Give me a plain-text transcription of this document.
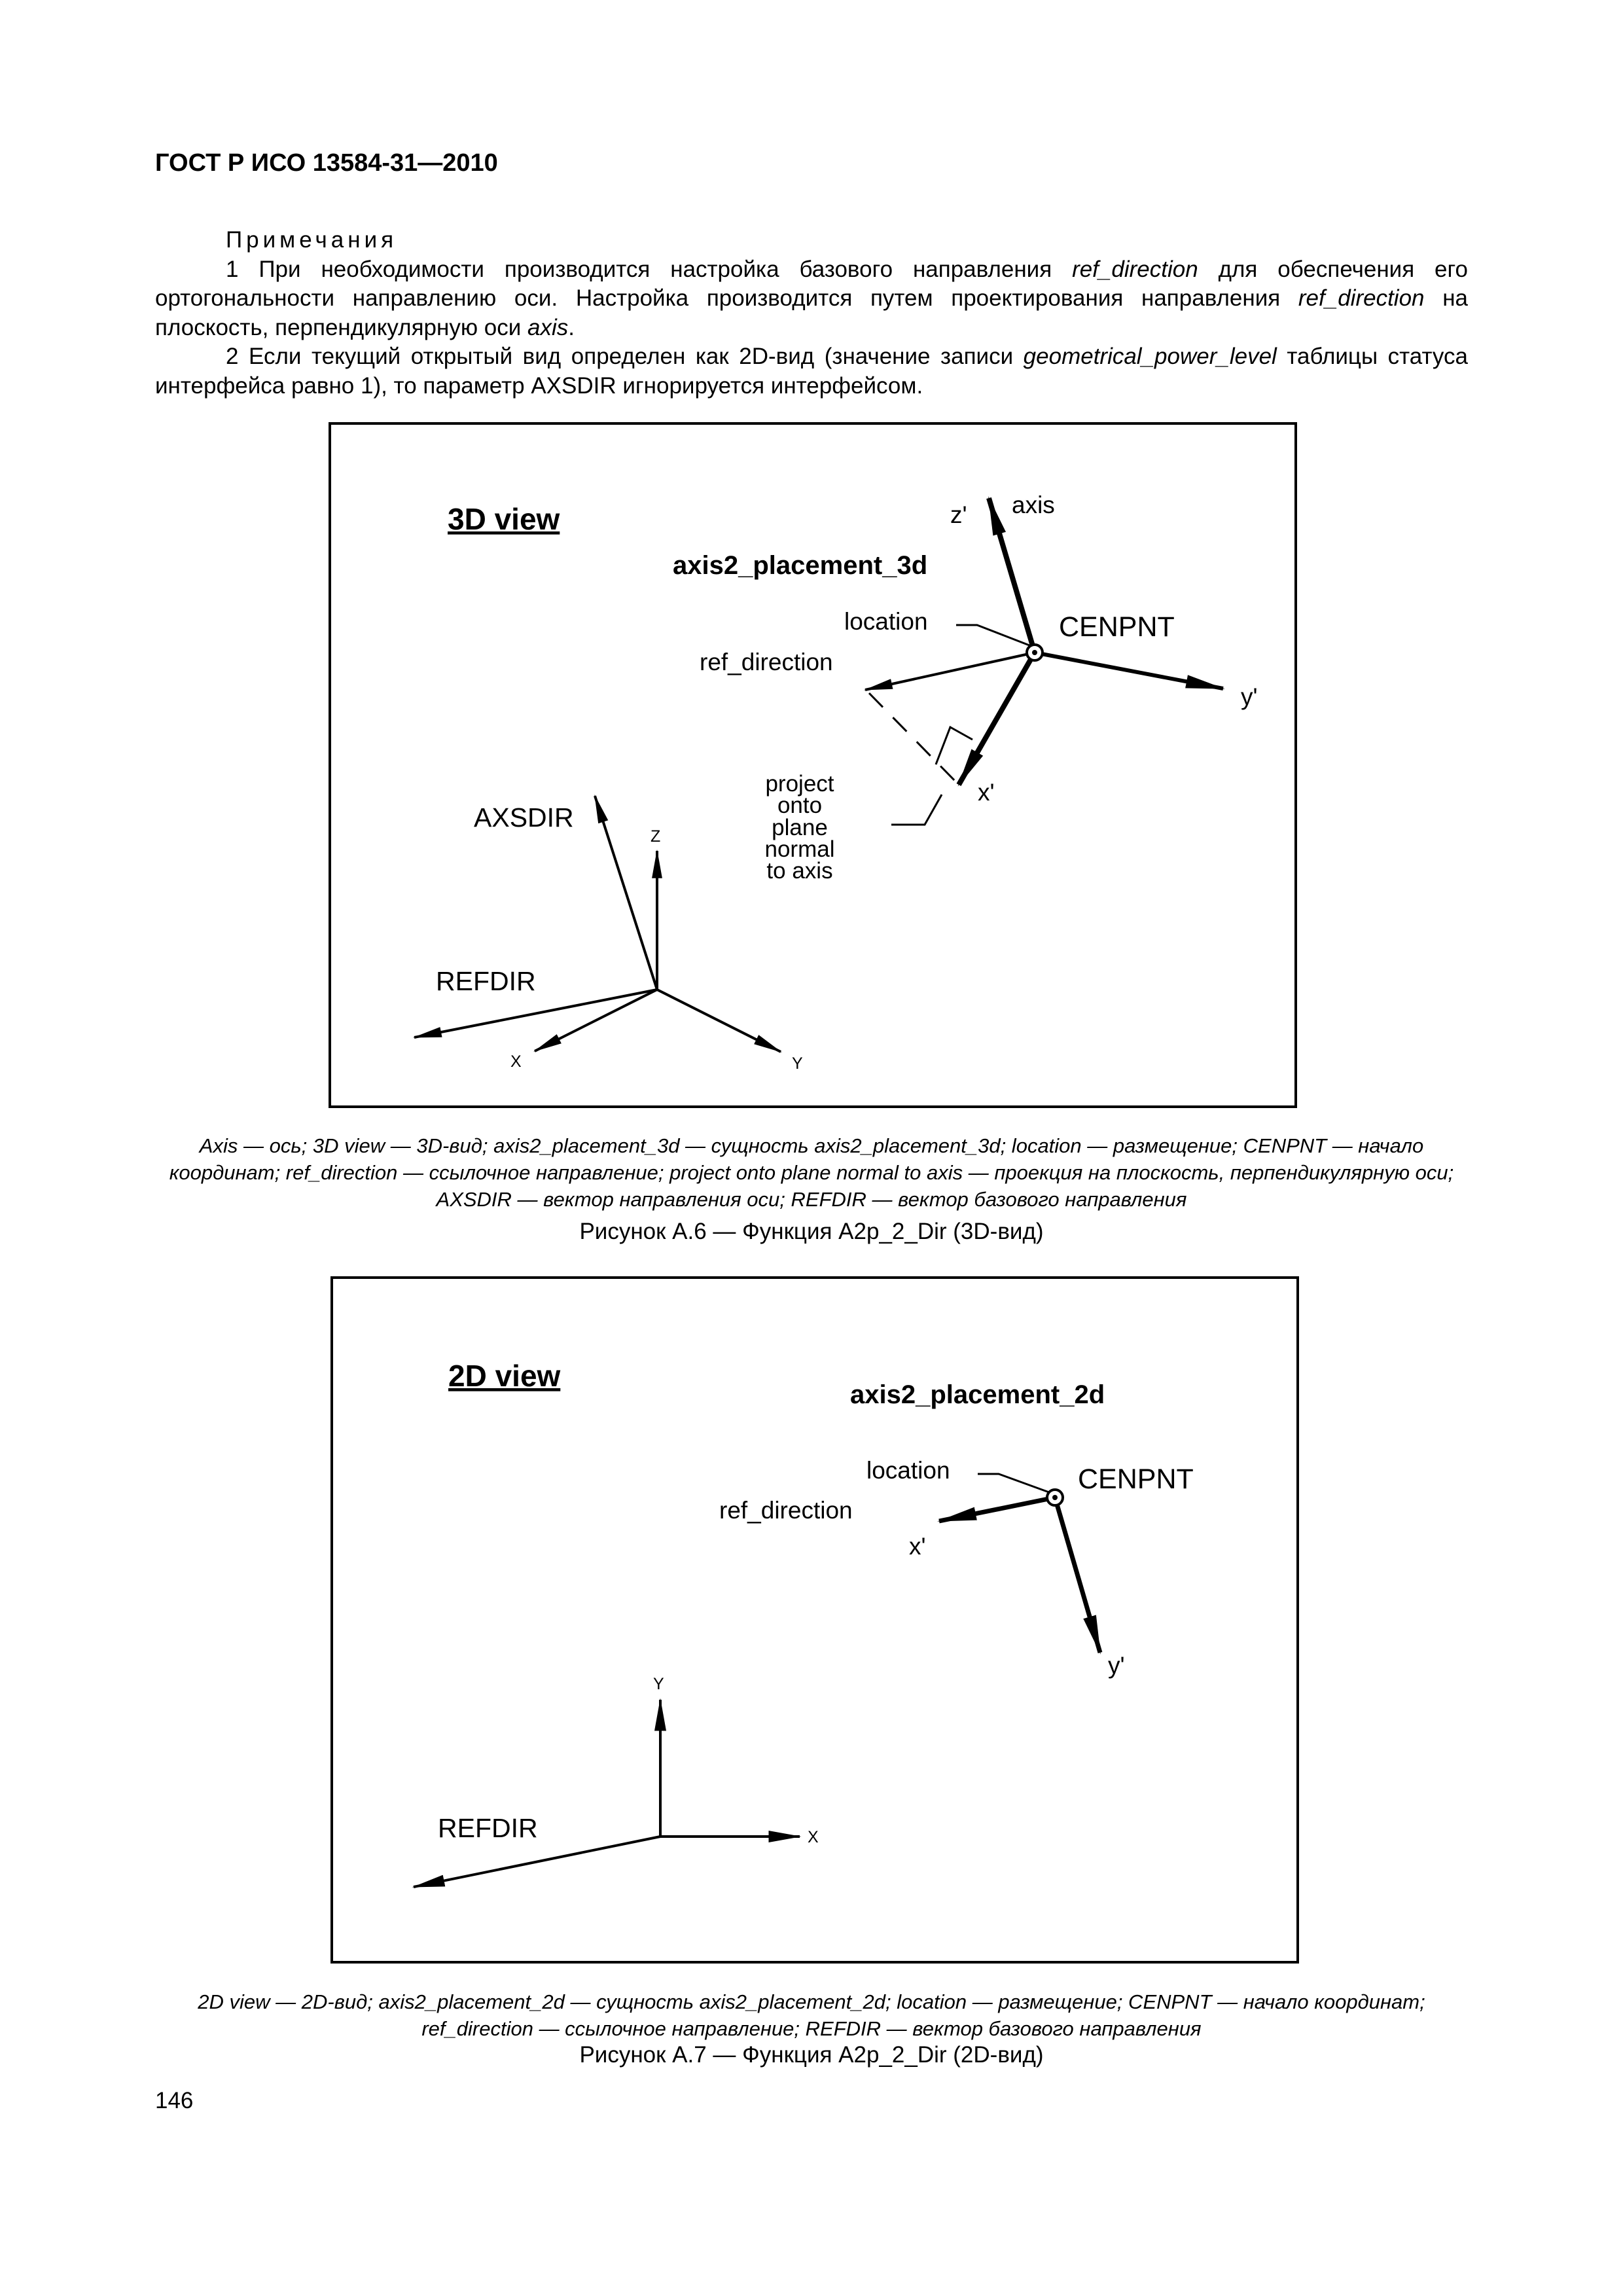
ГОСТ Р ИСО 13584-31—2010

Примечания

1 При необходимости производится настройка базового направления ref_direction для обеспечения его ортогональности направлению оси. Настройка производится путем проектирования направления ref_direction на плоскость, перпендикулярную оси axis.

2 Если текущий открытый вид определен как 2D-вид (значение записи geometrical_power_level таблицы статуса интерфейса равно 1), то параметр AXSDIR игнорируется интерфейсом.

3D view
axis2_placement_3d
z' axis
location	CENPNT
ref_direction
y'
x'
project
onto
plane
normal
to axis
AXSDIR
Z
REFDIR
X	Y
Axis — ось; 3D view — 3D-вид; axis2_placement_3d — сущность axis2_placement_3d; location — размещение; CENPNT — начало координат; ref_direction — ссылочное направление; project onto plane normal to axis — проекция на плоскость, перпендикулярную оси; AXSDIR — вектор направления оси; REFDIR — вектор базового направления
Рисунок А.6 — Функция A2p_2_Dir (3D-вид)
2D view
axis2_placement_2d
location	CENPNT
ref_direction
x'
y'
Y
X
REFDIR
2D view — 2D-вид; axis2_placement_2d — сущность axis2_placement_2d; location — размещение; CENPNT — начало координат; ref_direction — ссылочное направление; REFDIR — вектор базового направления
Рисунок А.7 — Функция A2p_2_Dir (2D-вид)
146
